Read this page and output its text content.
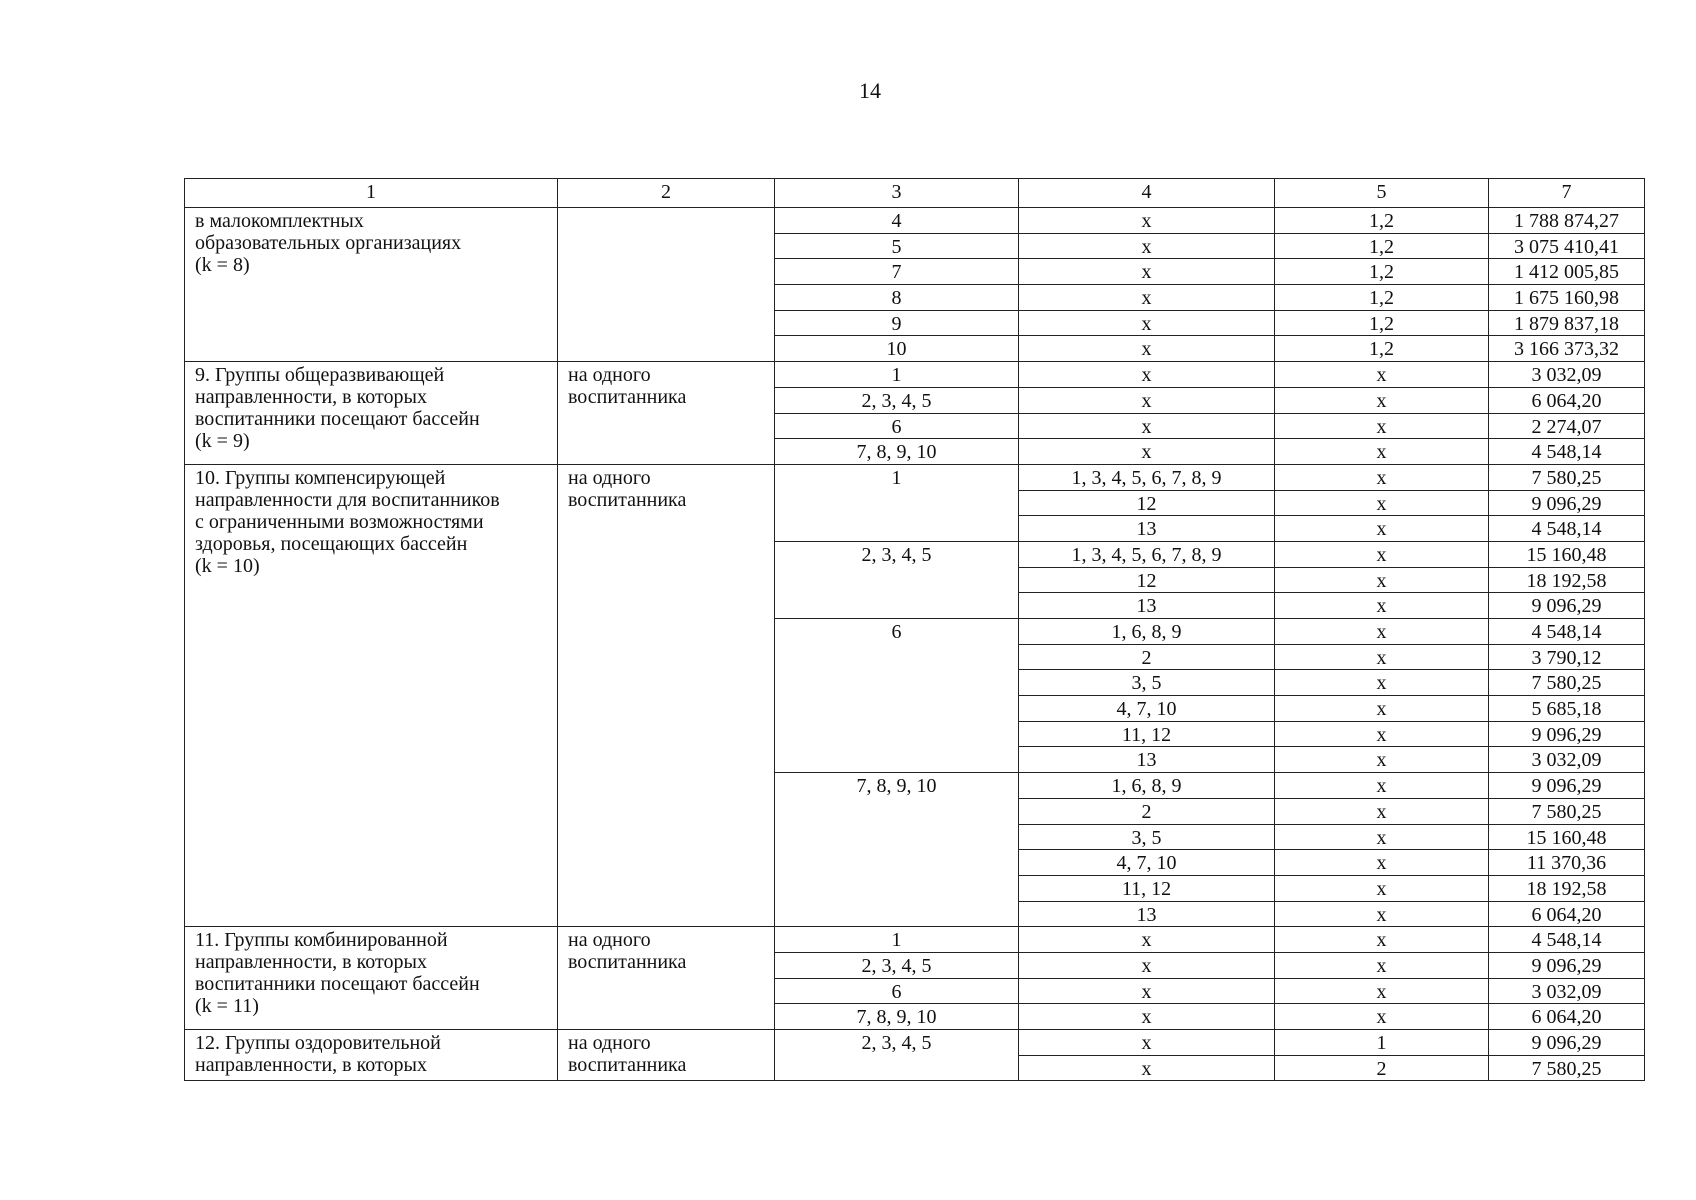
14
1	2	3	4	5	7
в малокомплектных
образовательных организациях
(k = 8)		4	х	1,2	1 788 874,27
		5	х	1,2	3 075 410,41
		7	х	1,2	1 412 005,85
		8	х	1,2	1 675 160,98
		9	х	1,2	1 879 837,18
		10	х	1,2	3 166 373,32
9. Группы общеразвивающей
направленности, в которых
воспитанники посещают бассейн
(k = 9)	на одного
воспитанника	1	х	х	3 032,09
		2, 3, 4, 5	х	х	6 064,20
		6	х	х	2 274,07
		7, 8, 9, 10	х	х	4 548,14
10. Группы компенсирующей
направленности для воспитанников
с ограниченными возможностями
здоровья, посещающих бассейн
(k = 10)	на одного
воспитанника	1	1, 3, 4, 5, 6, 7, 8, 9	х	7 580,25
			12	х	9 096,29
			13	х	4 548,14
		2, 3, 4, 5	1, 3, 4, 5, 6, 7, 8, 9	х	15 160,48
			12	х	18 192,58
			13	х	9 096,29
		6	1, 6, 8, 9	х	4 548,14
			2	х	3 790,12
			3, 5	х	7 580,25
			4, 7, 10	х	5 685,18
			11, 12	х	9 096,29
			13	х	3 032,09
		7, 8, 9, 10	1, 6, 8, 9	х	9 096,29
			2	х	7 580,25
			3, 5	х	15 160,48
			4, 7, 10	х	11 370,36
			11, 12	х	18 192,58
			13	х	6 064,20
11. Группы комбинированной
направленности, в которых
воспитанники посещают бассейн
(k = 11)	на одного
воспитанника	1	х	х	4 548,14
		2, 3, 4, 5	х	х	9 096,29
		6	х	х	3 032,09
		7, 8, 9, 10	х	х	6 064,20
12. Группы оздоровительной
направленности, в которых	на одного
воспитанника	2, 3, 4, 5	х	1	9 096,29
			х	2	7 580,25
